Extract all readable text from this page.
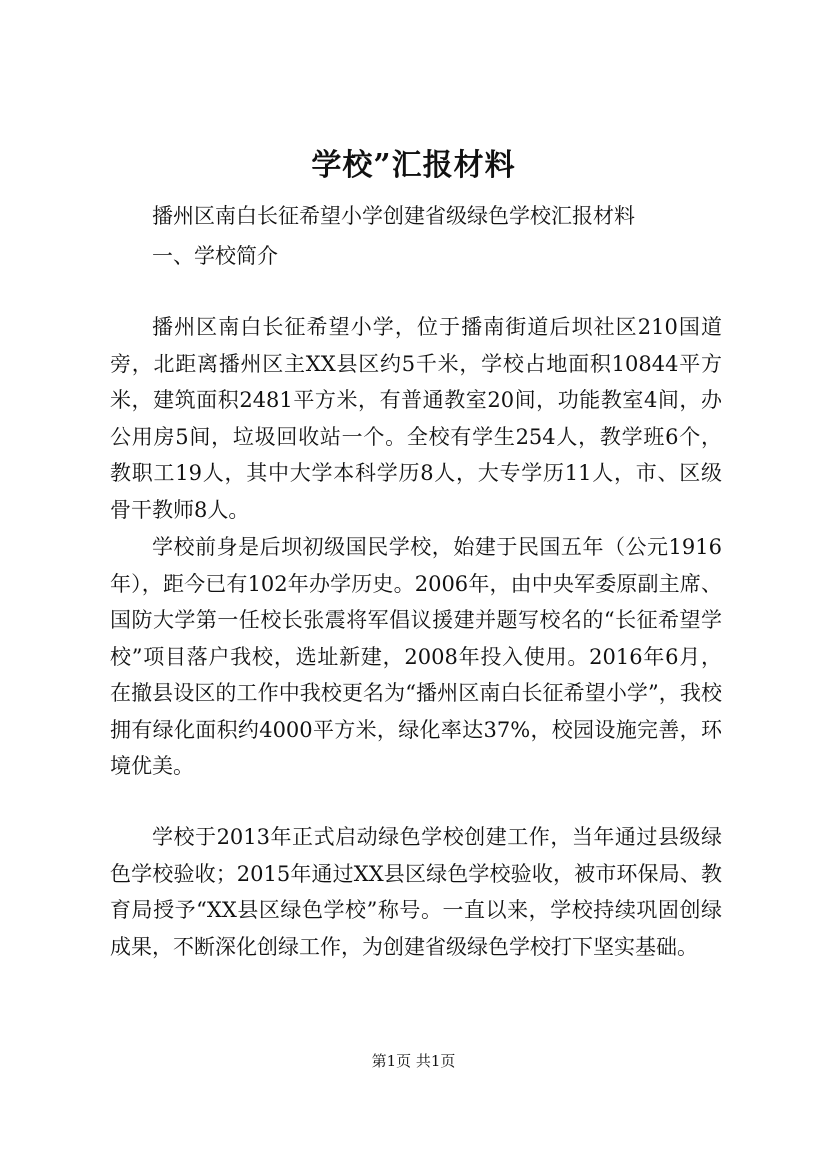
学校”汇报材料

播州区南白长征希望小学创建省级绿色学校汇报材料

一、学校简介

播州区南白长征希望小学，位于播南街道后坝社区210国道旁，北距离播州区主XX县区约5千米，学校占地面积10844平方米，建筑面积2481平方米，有普通教室20间，功能教室4间，办公用房5间，垃圾回收站一个。全校有学生254人，教学班6个，教职工19人，其中大学本科学历8人，大专学历11人，市、区级骨干教师8人。

学校前身是后坝初级国民学校，始建于民国五年（公元1916年），距今已有102年办学历史。2006年，由中央军委原副主席、国防大学第一任校长张震将军倡议援建并题写校名的“长征希望学校”项目落户我校，选址新建，2008年投入使用。2016年6月，在撤县设区的工作中我校更名为“播州区南白长征希望小学”，我校拥有绿化面积约4000平方米，绿化率达37%，校园设施完善，环境优美。

学校于2013年正式启动绿色学校创建工作，当年通过县级绿色学校验收；2015年通过XX县区绿色学校验收，被市环保局、教育局授予“XX县区绿色学校”称号。一直以来，学校持续巩固创绿成果，不断深化创绿工作，为创建省级绿色学校打下坚实基础。

第1页 共1页
